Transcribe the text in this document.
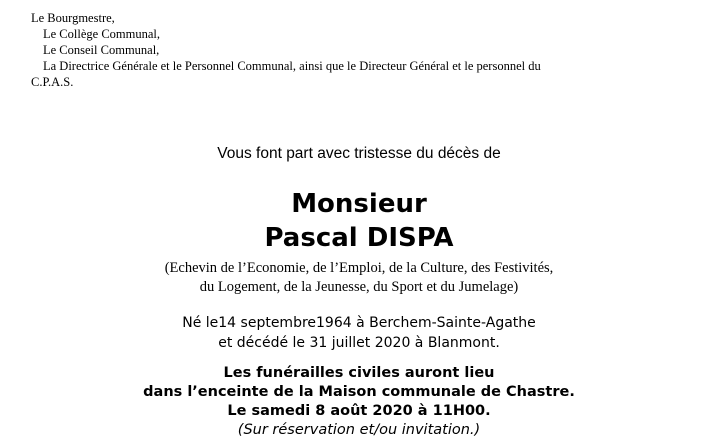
Le Bourgmestre,
Le Collège Communal,
Le Conseil Communal,
La Directrice Générale et le Personnel Communal, ainsi que le Directeur Général et le personnel du
C.P.A.S.
Vous font part avec tristesse du décès de
Monsieur
Pascal DISPA
(Echevin de l’Economie, de l’Emploi, de la Culture, des Festivités,
du Logement, de la Jeunesse, du Sport et du Jumelage)
Né le14 septembre1964 à Berchem-Sainte-Agathe
et décédé le 31 juillet 2020 à Blanmont.
Les funérailles civiles auront lieu
dans l’enceinte de la Maison communale de Chastre.
Le samedi 8 août 2020 à 11H00.
(Sur réservation et/ou invitation.)
